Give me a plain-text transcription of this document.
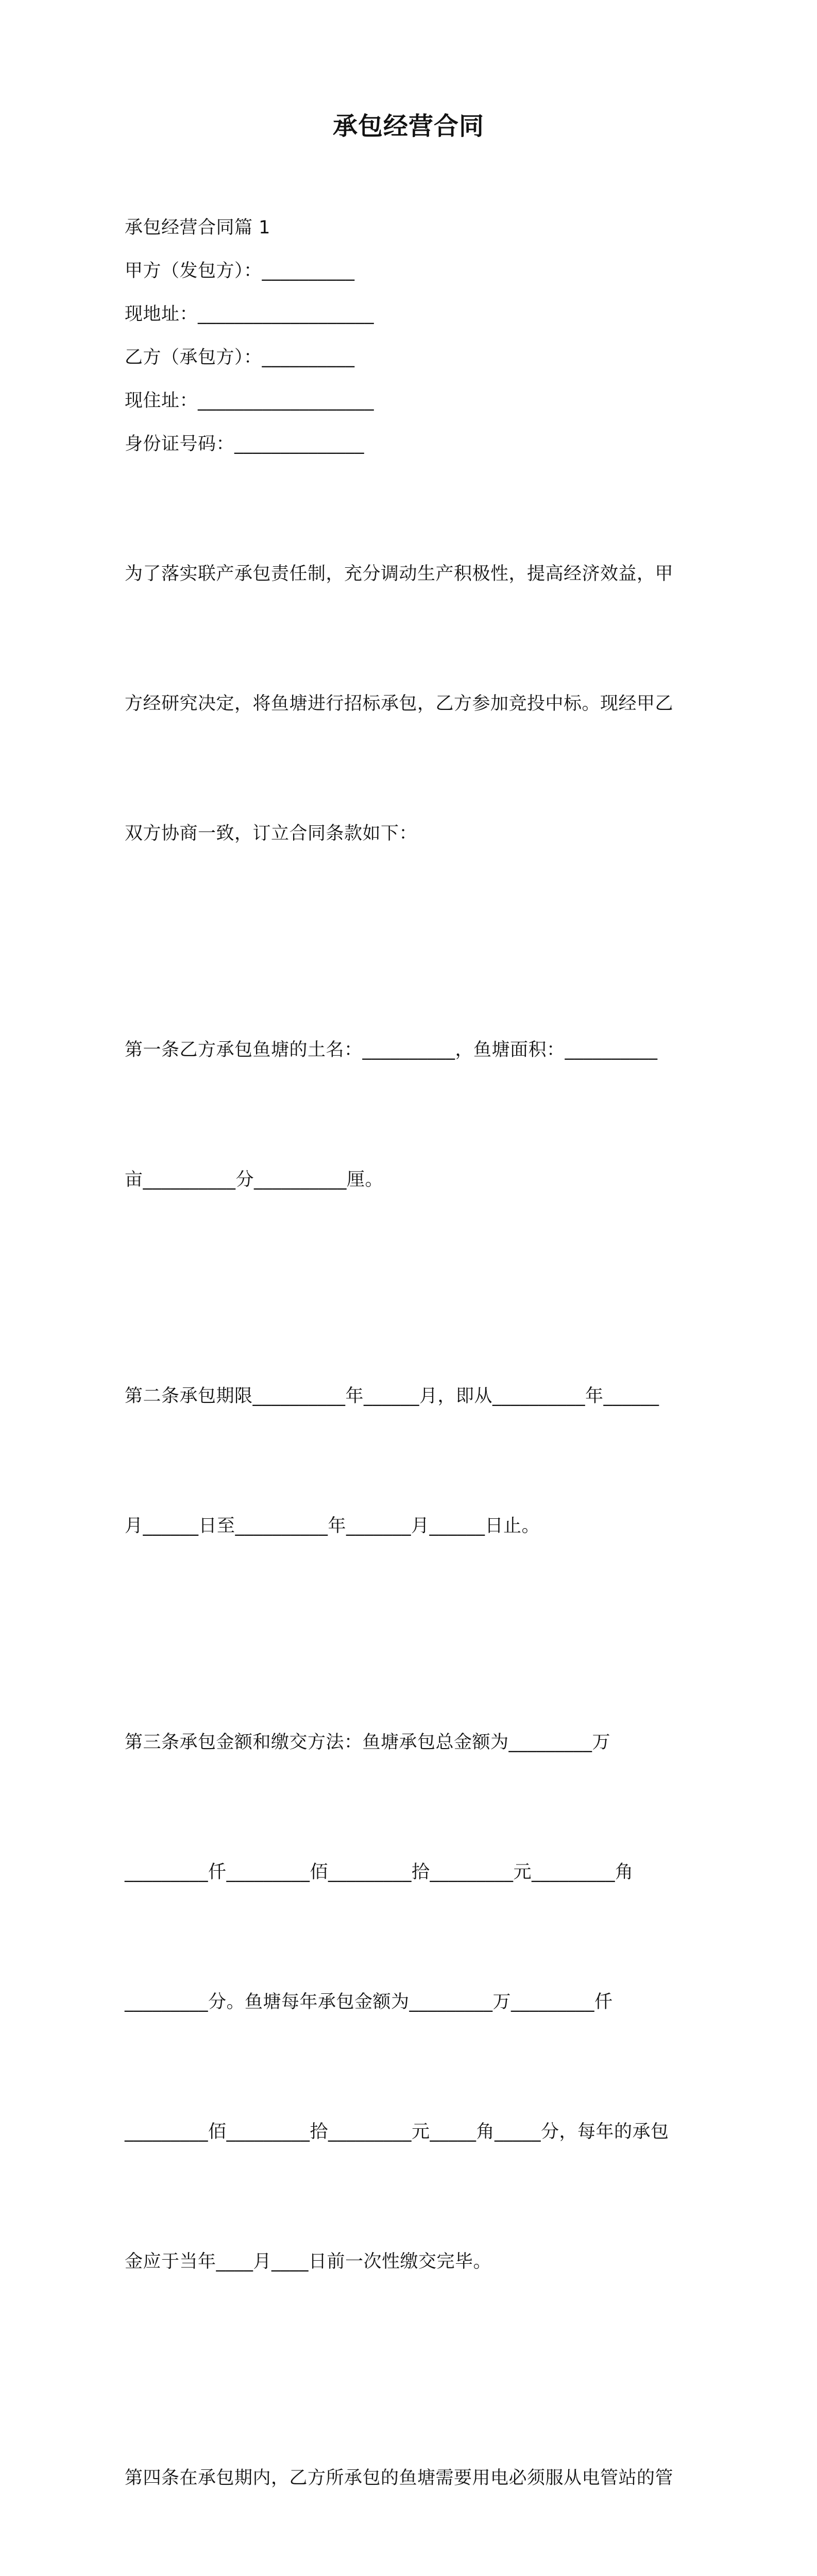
承包经营合同
承包经营合同篇 1
甲方（发包方）：__________
现地址：___________________
乙方（承包方）：__________
现住址：___________________
身份证号码：______________

为了落实联产承包责任制，充分调动生产积极性，提高经济效益，甲

方经研究决定，将鱼塘进行招标承包，乙方参加竞投中标。现经甲乙

双方协商一致，订立合同条款如下：

第一条乙方承包鱼塘的土名：__________，鱼塘面积：__________

亩__________分__________厘。

第二条承包期限__________年______月，即从__________年______

月______日至__________年_______月______日止。

第三条承包金额和缴交方法：鱼塘承包总金额为_________万

_________仟_________佰_________拾_________元_________角

_________分。鱼塘每年承包金额为_________万_________仟

_________佰_________拾_________元_____角_____分，每年的承包

金应于当年____月____日前一次性缴交完毕。

第四条在承包期内，乙方所承包的鱼塘需要用电必须服从电管站的管
